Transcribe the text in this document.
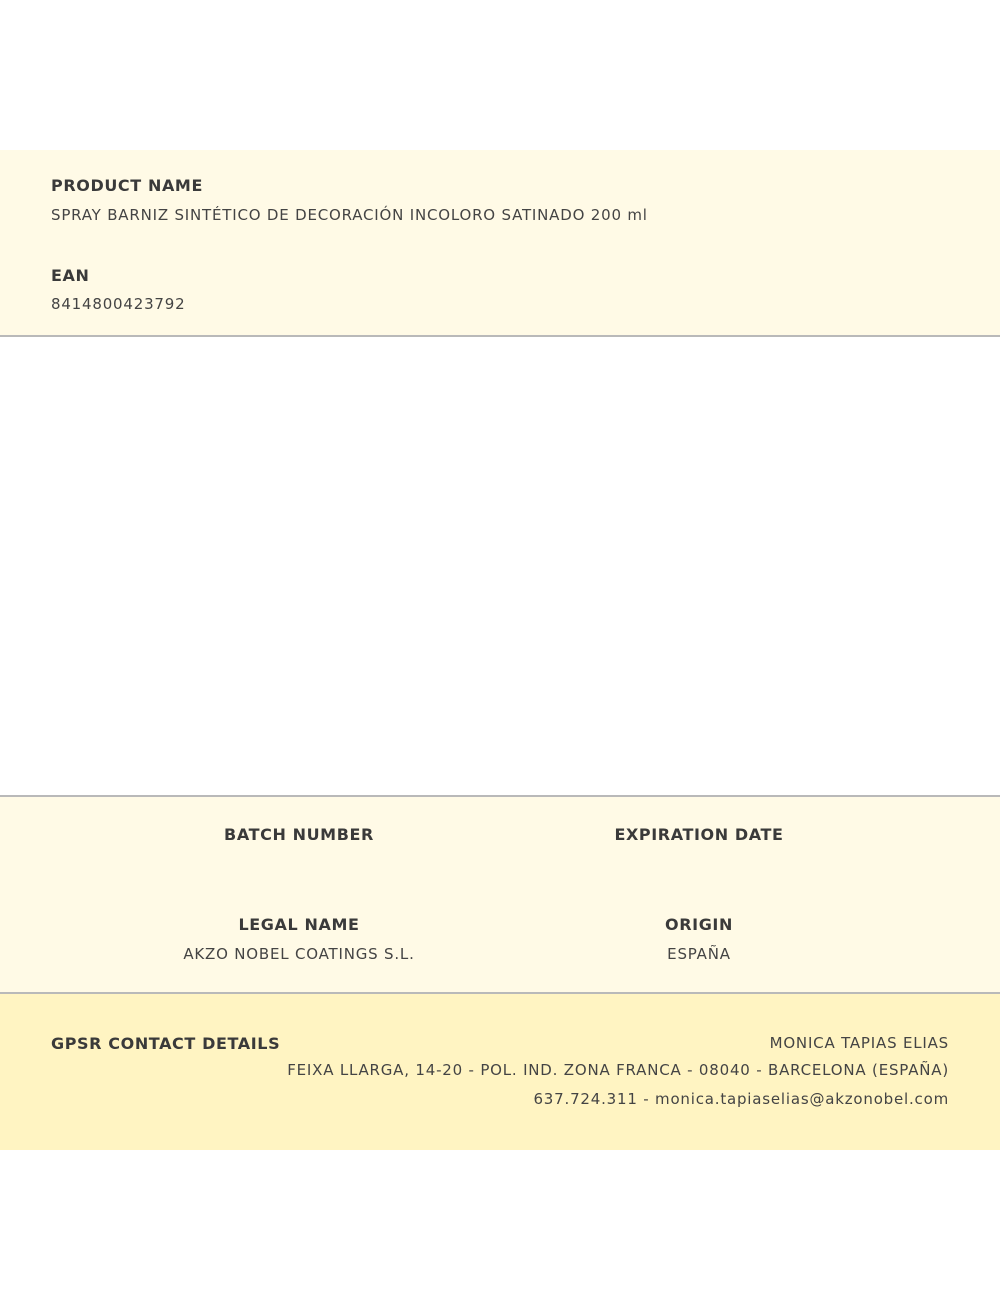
PRODUCT NAME
SPRAY BARNIZ SINTÉTICO DE DECORACIÓN INCOLORO SATINADO 200 ml
EAN
8414800423792
BATCH NUMBER	EXPIRATION DATE
LEGAL NAME
AKZO NOBEL COATINGS S.L.
ORIGIN
ESPAÑA
GPSR CONTACT DETAILS	MONICA TAPIAS ELIAS
FEIXA LLARGA, 14-20 - POL. IND. ZONA FRANCA - 08040 - BARCELONA (ESPAÑA)
637.724.311 - monica.tapiaselias@akzonobel.com
